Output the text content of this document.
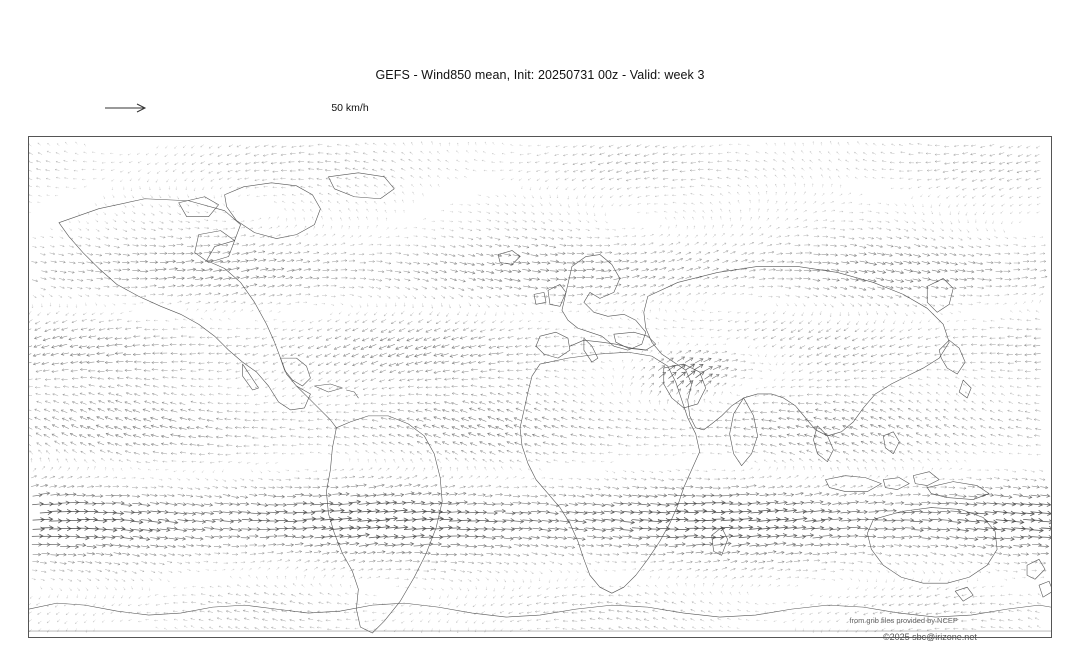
GEFS - Wind850 mean, Init: 20250731 00z - Valid: week 3
50 km/h
from grib files provided by NCEP
©2025 sbc@irizone.net
